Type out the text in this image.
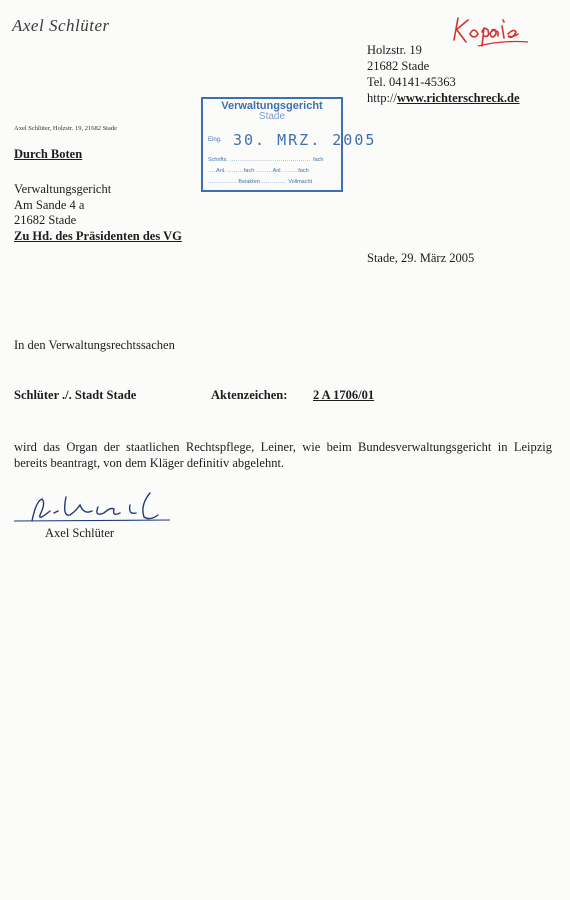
Axel Schlüter
Holzstr. 19
21682 Stade
Tel. 04141-45363
http://www.richterschreck.de
Axel Schlüter, Holzstr. 19, 21682 Stade
Verwaltungsgericht
Stade
Eing. 30. MRZ. 2005
Schrifts. ........................................ fach
....Anl. ........fach ........Anl. .......fach
.............. Beiakten ............ Vollmacht
Durch Boten
Verwaltungsgericht
Am Sande 4 a
21682 Stade
Zu Hd. des Präsidenten des VG
Stade, 29. März 2005
In den Verwaltungsrechtssachen
Schlüter ./. Stadt Stade	Aktenzeichen: 2 A 1706/01
wird das Organ der staatlichen Rechtspflege, Leiner, wie beim Bundesverwaltungsgericht in Leipzig bereits beantragt, von dem Kläger definitiv abgelehnt.
Axel Schlüter
